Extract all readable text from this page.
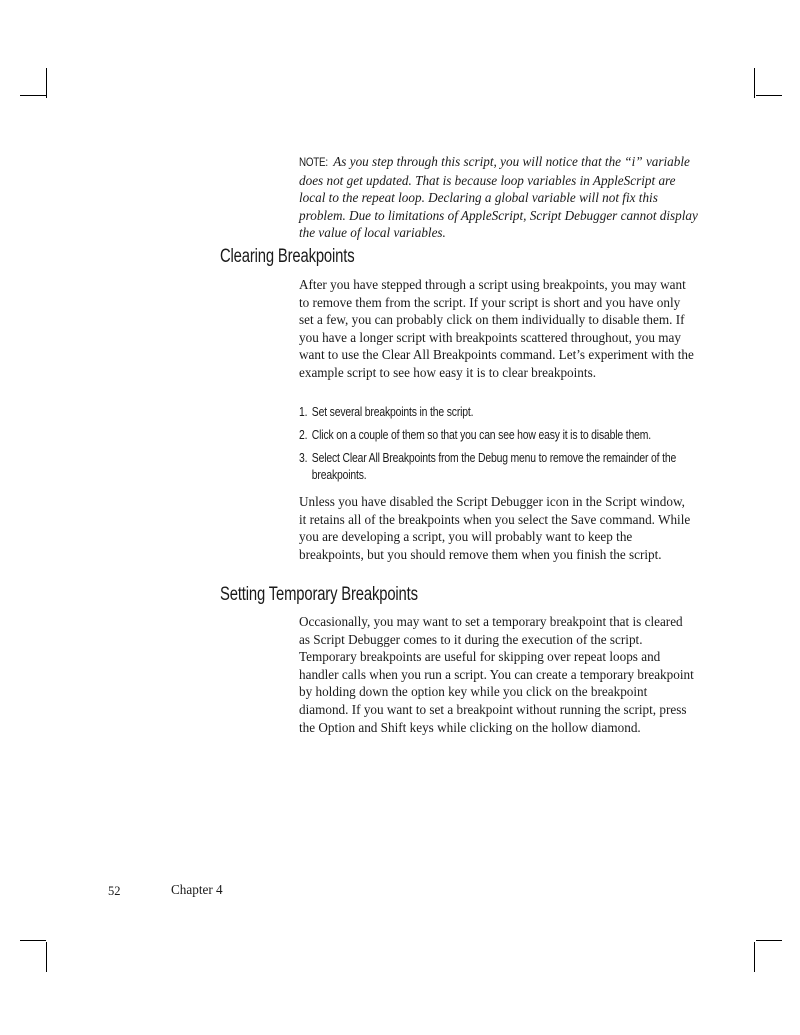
NOTE: As you step through this script, you will notice that the “i” variable does not get updated. That is because loop variables in AppleScript are local to the repeat loop. Declaring a global variable will not fix this problem. Due to limitations of AppleScript, Script Debugger cannot display the value of local variables.
Clearing Breakpoints

After you have stepped through a script using breakpoints, you may want to remove them from the script. If your script is short and you have only set a few, you can probably click on them individually to disable them. If you have a longer script with breakpoints scattered throughout, you may want to use the Clear All Breakpoints command. Let’s experiment with the example script to see how easy it is to clear breakpoints.

1. Set several breakpoints in the script.
2. Click on a couple of them so that you can see how easy it is to disable them.
3. Select Clear All Breakpoints from the Debug menu to remove the remainder of the breakpoints.

Unless you have disabled the Script Debugger icon in the Script window, it retains all of the breakpoints when you select the Save command. While you are developing a script, you will probably want to keep the breakpoints, but you should remove them when you finish the script.

Setting Temporary Breakpoints

Occasionally, you may want to set a temporary breakpoint that is cleared as Script Debugger comes to it during the execution of the script. Temporary breakpoints are useful for skipping over repeat loops and handler calls when you run a script. You can create a temporary breakpoint by holding down the option key while you click on the breakpoint diamond. If you want to set a breakpoint without running the script, press the Option and Shift keys while clicking on the hollow diamond.

52	Chapter 4
